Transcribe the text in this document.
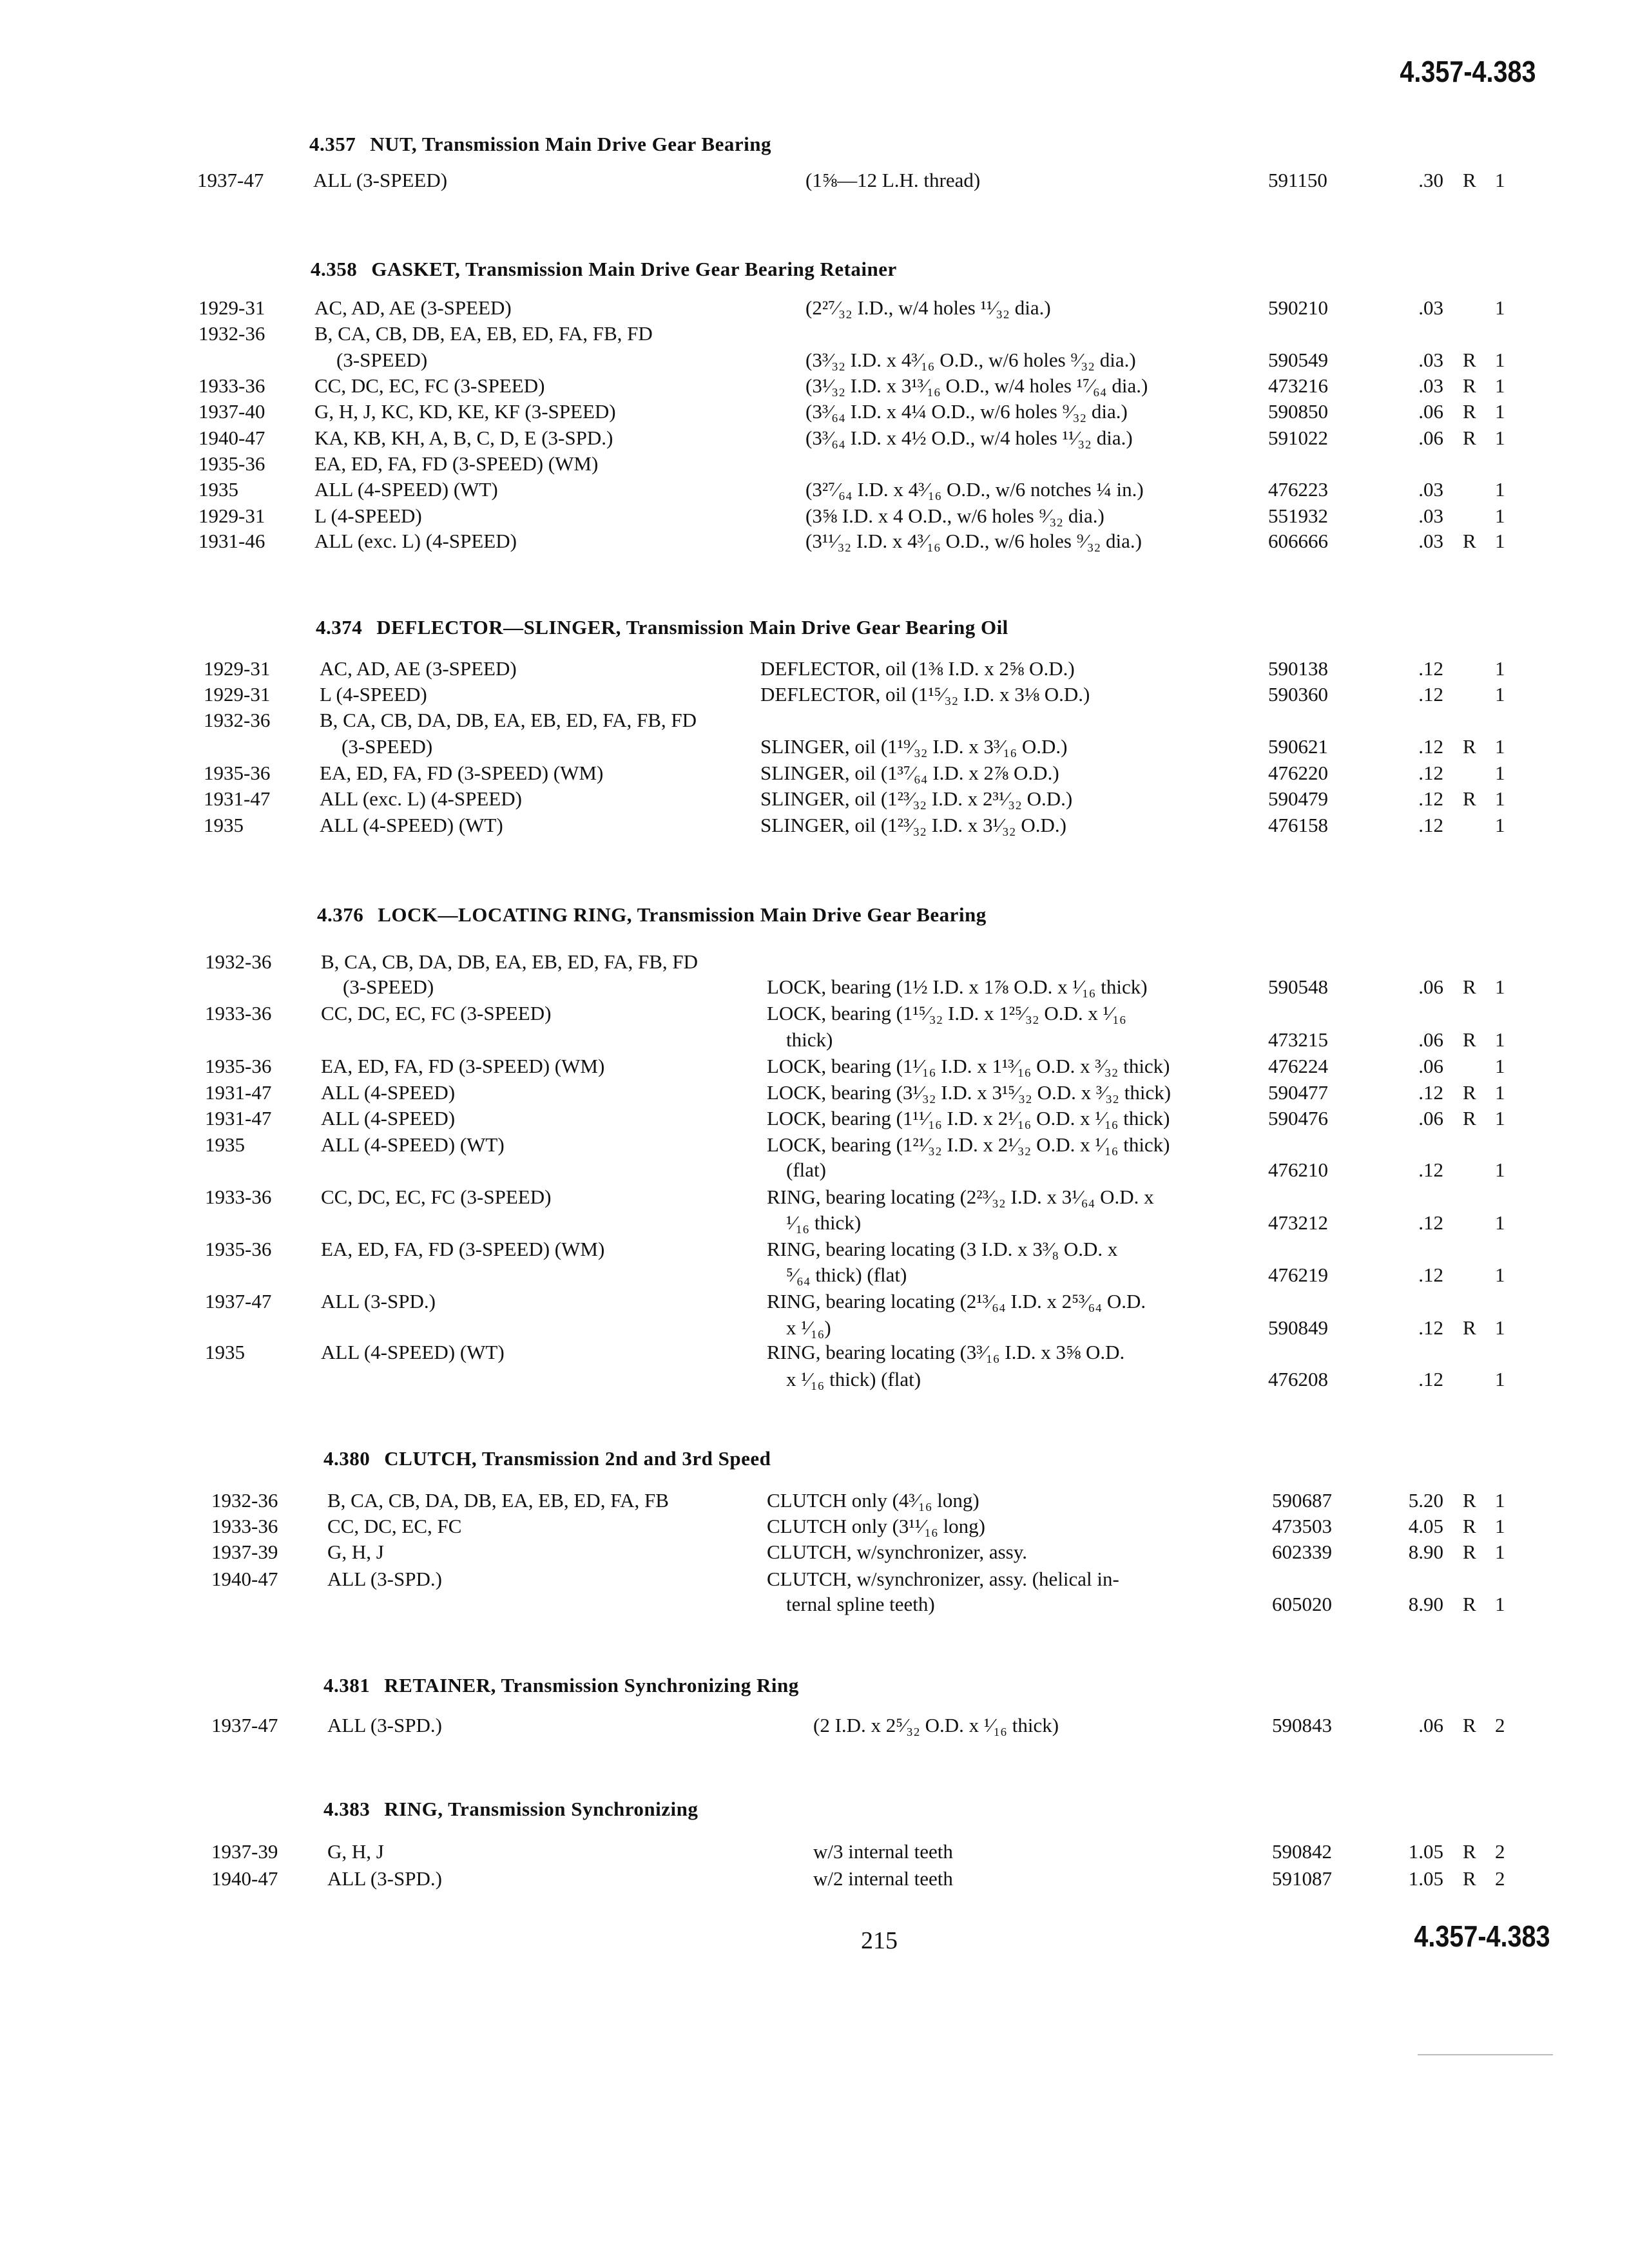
4.357-4.383
4.357 NUT, Transmission Main Drive Gear Bearing
1937-47 ALL (3-SPEED)	(1⅝—12 L.H. thread)	591150	.30 R 1
4.358 GASKET, Transmission Main Drive Gear Bearing Retainer
1929-31 AC, AD, AE (3-SPEED)	(2²⁷⁄₃₂ I.D., w/4 holes ¹¹⁄₃₂ dia.)	590210	.03	1
1932-36 B, CA, CB, DB, EA, EB, ED, FA, FB, FD
(3-SPEED)	(3³⁄₃₂ I.D. x 4³⁄₁₆ O.D., w/6 holes ⁹⁄₃₂ dia.)	590549	.03 R 1
1933-36 CC, DC, EC, FC (3-SPEED)	(3¹⁄₃₂ I.D. x 3¹³⁄₁₆ O.D., w/4 holes ¹⁷⁄₆₄ dia.)	473216	.03 R 1
1937-40 G, H, J, KC, KD, KE, KF (3-SPEED)	(3³⁄₆₄ I.D. x 4¼ O.D., w/6 holes ⁹⁄₃₂ dia.)	590850	.06 R 1
1940-47 KA, KB, KH, A, B, C, D, E (3-SPD.)	(3³⁄₆₄ I.D. x 4½ O.D., w/4 holes ¹¹⁄₃₂ dia.)	591022	.06 R 1
1935-36 EA, ED, FA, FD (3-SPEED) (WM)
1935	ALL (4-SPEED) (WT)	(3²⁷⁄₆₄ I.D. x 4³⁄₁₆ O.D., w/6 notches ¼ in.)	476223	.03	1
1929-31 L (4-SPEED)	(3⅝ I.D. x 4 O.D., w/6 holes ⁹⁄₃₂ dia.)	551932	.03	1
1931-46 ALL (exc. L) (4-SPEED)	(3¹¹⁄₃₂ I.D. x 4³⁄₁₆ O.D., w/6 holes ⁹⁄₃₂ dia.)	606666	.03 R 1
4.374 DEFLECTOR—SLINGER, Transmission Main Drive Gear Bearing Oil
1929-31 AC, AD, AE (3-SPEED)	DEFLECTOR, oil (1⅜ I.D. x 2⅝ O.D.)	590138	.12	1
1929-31 L (4-SPEED)	DEFLECTOR, oil (1¹⁵⁄₃₂ I.D. x 3⅛ O.D.)	590360	.12	1
1932-36 B, CA, CB, DA, DB, EA, EB, ED, FA, FB, FD
(3-SPEED)	SLINGER, oil (1¹⁹⁄₃₂ I.D. x 3³⁄₁₆ O.D.)	590621	.12 R 1
1935-36 EA, ED, FA, FD (3-SPEED) (WM)	SLINGER, oil (1³⁷⁄₆₄ I.D. x 2⅞ O.D.)	476220	.12	1
1931-47 ALL (exc. L) (4-SPEED)	SLINGER, oil (1²³⁄₃₂ I.D. x 2³¹⁄₃₂ O.D.)	590479	.12 R 1
1935	ALL (4-SPEED) (WT)	SLINGER, oil (1²³⁄₃₂ I.D. x 3¹⁄₃₂ O.D.)	476158	.12	1
4.376 LOCK—LOCATING RING, Transmission Main Drive Gear Bearing
1932-36 B, CA, CB, DA, DB, EA, EB, ED, FA, FB, FD
(3-SPEED)	LOCK, bearing (1½ I.D. x 1⅞ O.D. x ¹⁄₁₆ thick)	590548	.06 R 1
1933-36 CC, DC, EC, FC (3-SPEED)	LOCK, bearing (1¹⁵⁄₃₂ I.D. x 1²⁵⁄₃₂ O.D. x ¹⁄₁₆
thick)	473215	.06 R 1
1935-36 EA, ED, FA, FD (3-SPEED) (WM)	LOCK, bearing (1¹⁄₁₆ I.D. x 1¹³⁄₁₆ O.D. x ³⁄₃₂ thick)	476224	.06	1
1931-47 ALL (4-SPEED)	LOCK, bearing (3¹⁄₃₂ I.D. x 3¹⁵⁄₃₂ O.D. x ³⁄₃₂ thick)	590477	.12 R 1
1931-47 ALL (4-SPEED)	LOCK, bearing (1¹¹⁄₁₆ I.D. x 2¹⁄₁₆ O.D. x ¹⁄₁₆ thick)	590476	.06 R 1
1935	ALL (4-SPEED) (WT)	LOCK, bearing (1²¹⁄₃₂ I.D. x 2¹⁄₃₂ O.D. x ¹⁄₁₆ thick)
(flat)	476210	.12	1
1933-36 CC, DC, EC, FC (3-SPEED)	RING, bearing locating (2²³⁄₃₂ I.D. x 3¹⁄₆₄ O.D. x
¹⁄₁₆ thick)	473212	.12	1
1935-36 EA, ED, FA, FD (3-SPEED) (WM)	RING, bearing locating (3 I.D. x 3³⁄₈ O.D. x
⁵⁄₆₄ thick) (flat)	476219	.12	1
1937-47 ALL (3-SPD.)	RING, bearing locating (2¹³⁄₆₄ I.D. x 2⁵³⁄₆₄ O.D.
x ¹⁄₁₆)	590849	.12 R 1
1935	ALL (4-SPEED) (WT)	RING, bearing locating (3³⁄₁₆ I.D. x 3⅝ O.D.
x ¹⁄₁₆ thick) (flat)	476208	.12	1
4.380 CLUTCH, Transmission 2nd and 3rd Speed
1932-36 B, CA, CB, DA, DB, EA, EB, ED, FA, FB	CLUTCH only (4³⁄₁₆ long)	590687	5.20 R 1
1933-36 CC, DC, EC, FC	CLUTCH only (3¹¹⁄₁₆ long)	473503	4.05 R 1
1937-39 G, H, J	CLUTCH, w/synchronizer, assy.	602339	8.90 R 1
1940-47 ALL (3-SPD.)	CLUTCH, w/synchronizer, assy. (helical in-
ternal spline teeth)	605020	8.90 R 1
4.381 RETAINER, Transmission Synchronizing Ring
1937-47 ALL (3-SPD.)	(2 I.D. x 2⁵⁄₃₂ O.D. x ¹⁄₁₆ thick)	590843	.06 R 2
4.383 RING, Transmission Synchronizing
1937-39 G, H, J	w/3 internal teeth	590842	1.05 R 2
1940-47 ALL (3-SPD.)	w/2 internal teeth	591087	1.05 R 2
215	4.357-4.383
